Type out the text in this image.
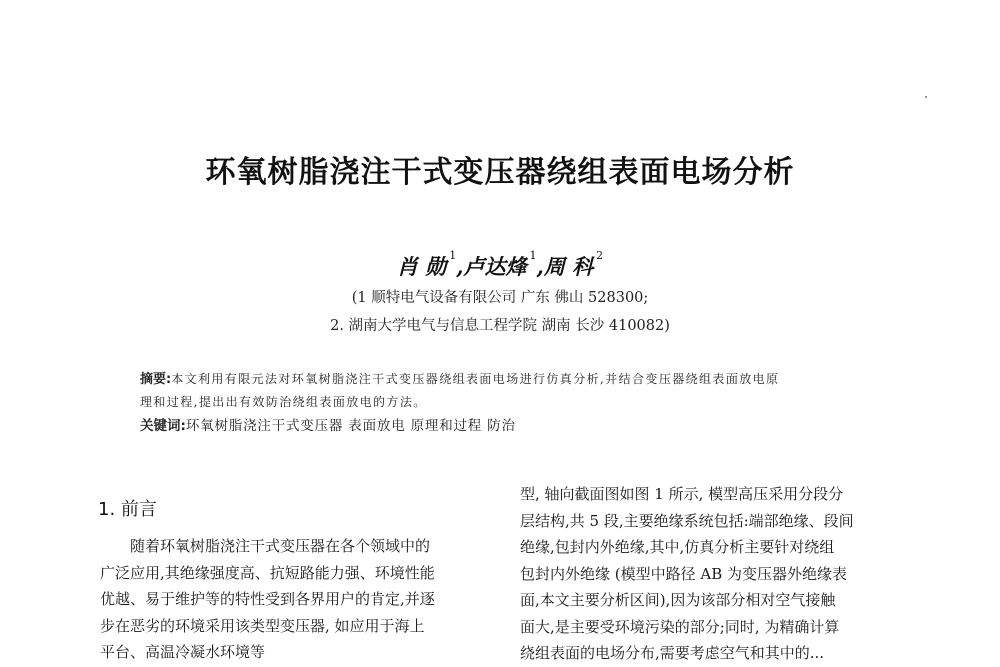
环氧树脂浇注干式变压器绕组表面电场分析
肖 勋 $^1$,卢达烽 $^1$,周 科 $^2$
(1 顺特电气设备有限公司 广东 佛山 528300;
2. 湖南大学电气与信息工程学院 湖南 长沙 410082)
摘要:本文利用有限元法对环氧树脂浇注干式变压器绕组表面电场进行仿真分析,并结合变压器绕组表面放电原
理和过程,提出出有效防治绕组表面放电的方法。
关键词:环氧树脂浇注干式变压器 表面放电 原理和过程 防治
1. 前言
　　随着环氧树脂浇注干式变压器在各个领域中的
广泛应用,其绝缘强度高、抗短路能力强、环境性能
优越、易于维护等的特性受到各界用户的肯定,并逐
步在恶劣的环境采用该类型变压器, 如应用于海上
平台、高温冷凝水环境等
型, 轴向截面图如图 1 所示, 模型高压采用分段分
层结构,共 5 段,主要绝缘系统包括:端部绝缘、段间
绝缘,包封内外绝缘,其中,仿真分析主要针对绕组
包封内外绝缘 (模型中路径 AB 为变压器外绝缘表
面,本文主要分析区间),因为该部分相对空气接触
面大,是主要受环境污染的部分;同时, 为精确计算
绕组表面的电场分布,需要考虑空气和其中的...
